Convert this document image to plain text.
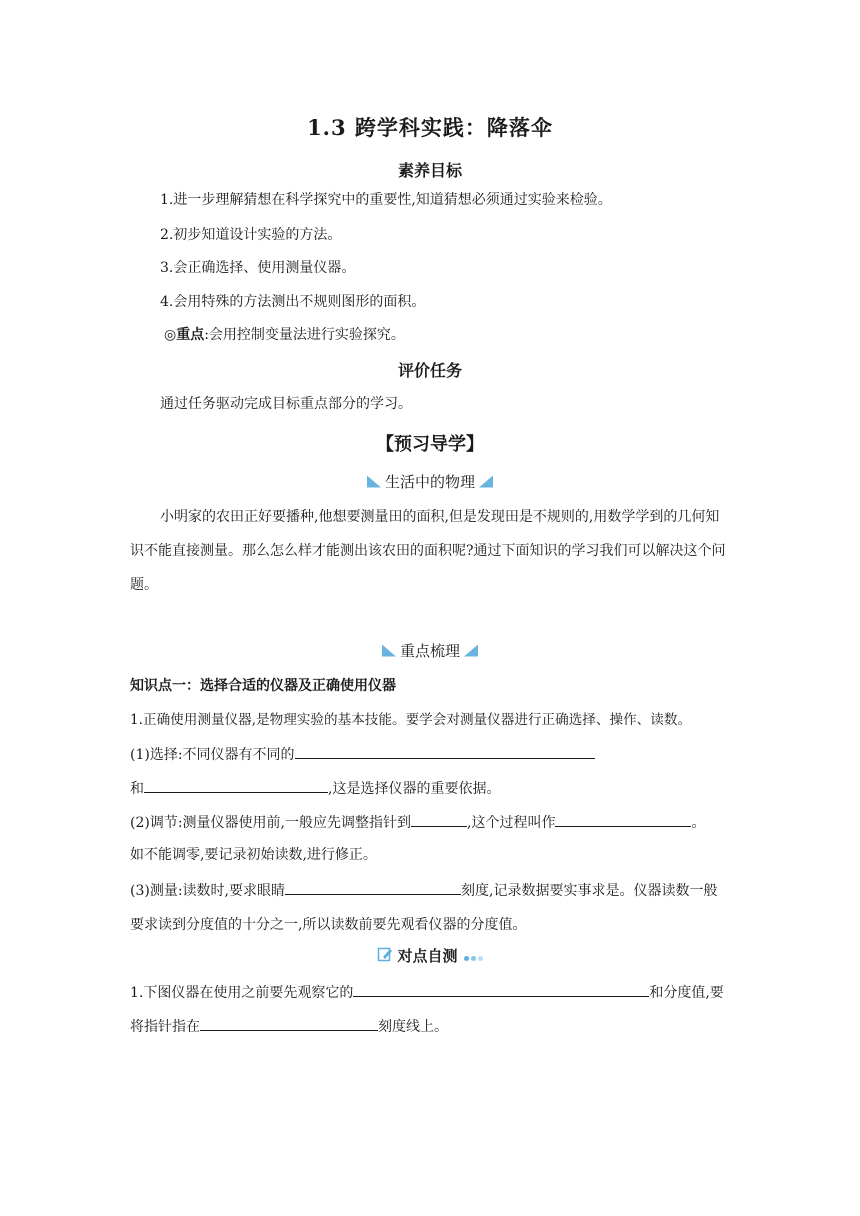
1.3 跨学科实践：降落伞
素养目标
1.进一步理解猜想在科学探究中的重要性,知道猜想必须通过实验来检验。
2.初步知道设计实验的方法。
3.会正确选择、使用测量仪器。
4.会用特殊的方法测出不规则图形的面积。
◎重点:会用控制变量法进行实验探究。
评价任务
通过任务驱动完成目标重点部分的学习。
【预习导学】
生活中的物理
小明家的农田正好要播种,他想要测量田的面积,但是发现田是不规则的,用数学学到的几何知识不能直接测量。那么怎么样才能测出该农田的面积呢?通过下面知识的学习我们可以解决这个问题。
重点梳理
知识点一：选择合适的仪器及正确使用仪器
1.正确使用测量仪器,是物理实验的基本技能。要学会对测量仪器进行正确选择、操作、读数。
(1)选择:不同仪器有不同的
和	,这是选择仪器的重要依据。
(2)调节:测量仪器使用前,一般应先调整指针到	,这个过程叫作	。
如不能调零,要记录初始读数,进行修正。
(3)测量:读数时,要求眼睛	刻度,记录数据要实事求是。仪器读数一般要求读到分度值的十分之一,所以读数前要先观看仪器的分度值。
对点自测
1.下图仪器在使用之前要先观察它的	和分度值,要将指针指在	刻度线上。
